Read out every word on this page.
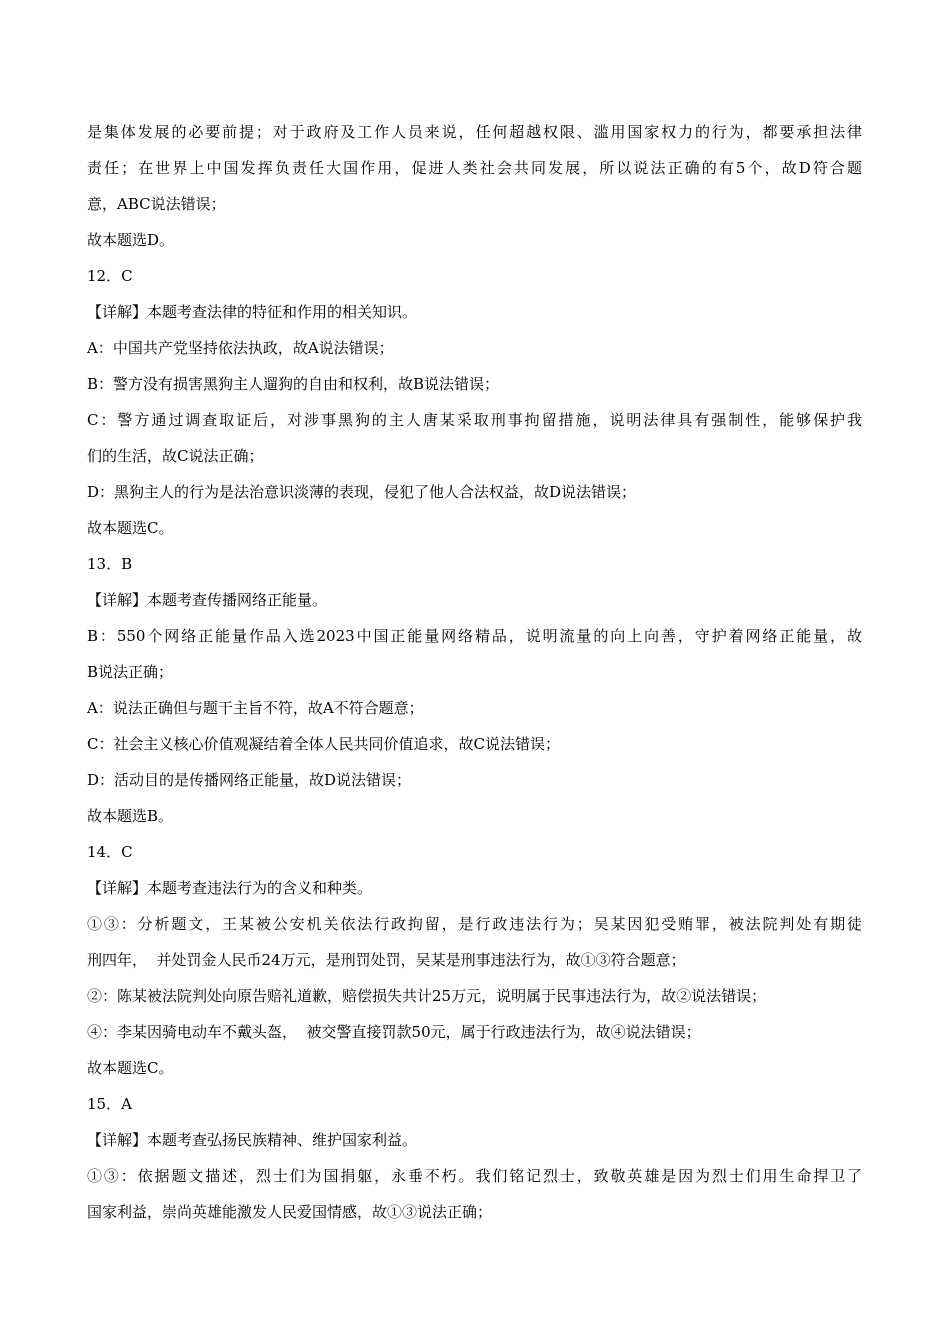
是集体发展的必要前提；对于政府及工作人员来说，任何超越权限、滥用国家权力的行为，都要承担法律
责任；在世界上中国发挥负责任大国作用，促进人类社会共同发展，所以说法正确的有5个，故D符合题
意，ABC说法错误；
故本题选D。
12．C
【详解】本题考查法律的特征和作用的相关知识。
A：中国共产党坚持依法执政，故A说法错误；
B：警方没有损害黑狗主人遛狗的自由和权利，故B说法错误；
C：警方通过调查取证后，对涉事黑狗的主人唐某采取刑事拘留措施，说明法律具有强制性，能够保护我
们的生活，故C说法正确；
D：黑狗主人的行为是法治意识淡薄的表现，侵犯了他人合法权益，故D说法错误；
故本题选C。
13．B
【详解】本题考查传播网络正能量。
B：550个网络正能量作品入选2023中国正能量网络精品，说明流量的向上向善，守护着网络正能量，故
B说法正确；
A：说法正确但与题干主旨不符，故A不符合题意；
C：社会主义核心价值观凝结着全体人民共同价值追求，故C说法错误；
D：活动目的是传播网络正能量，故D说法错误；
故本题选B。
14．C
【详解】本题考查违法行为的含义和种类。
①③：分析题文，王某被公安机关依法行政拘留，是行政违法行为；吴某因犯受贿罪，被法院判处有期徒
刑四年，  并处罚金人民币24万元，是刑罚处罚，吴某是刑事违法行为，故①③符合题意；
②：陈某被法院判处向原告赔礼道歉，赔偿损失共计25万元，说明属于民事违法行为，故②说法错误；
④：李某因骑电动车不戴头盔，  被交警直接罚款50元，属于行政违法行为，故④说法错误；
故本题选C。
15．A
【详解】本题考查弘扬民族精神、维护国家利益。
①③：依据题文描述，烈士们为国捐躯，永垂不朽。我们铭记烈士，致敬英雄是因为烈士们用生命捍卫了
国家利益，崇尚英雄能激发人民爱国情感，故①③说法正确；
